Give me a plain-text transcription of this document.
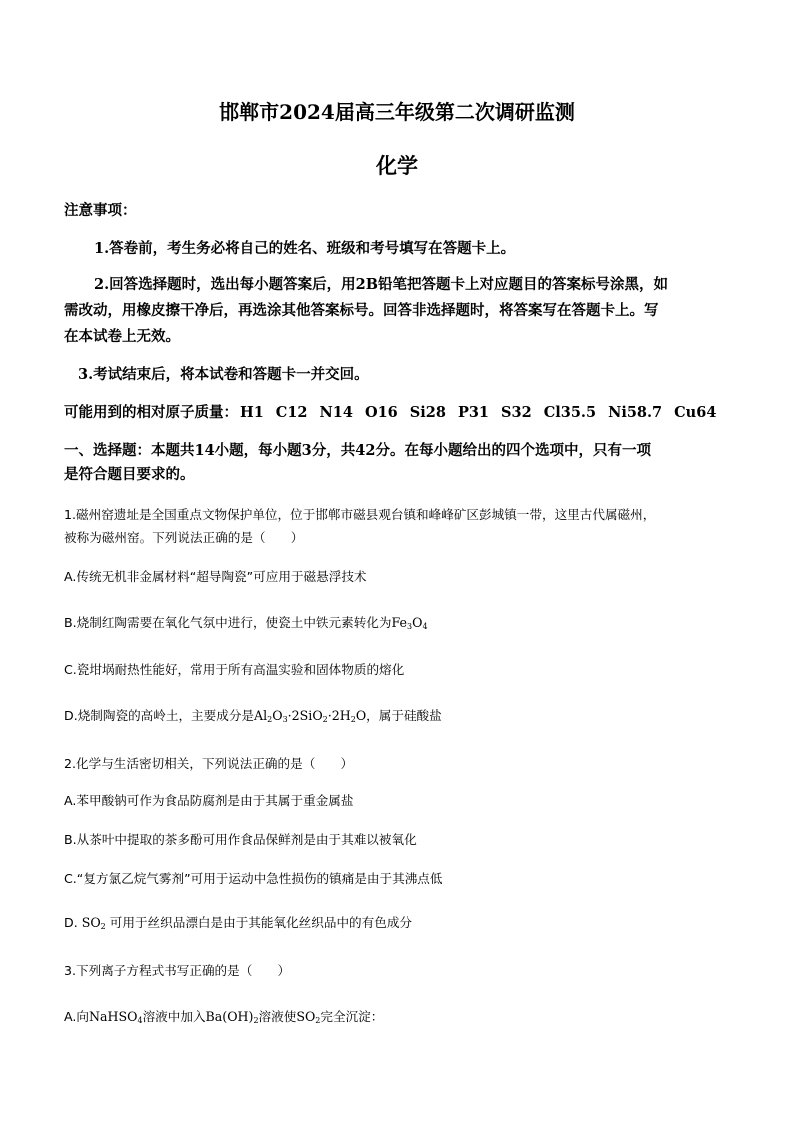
邯郸市2024届高三年级第二次调研监测
化学
注意事项：
1.答卷前，考生务必将自己的姓名、班级和考号填写在答题卡上。
2.回答选择题时，选出每小题答案后，用2B铅笔把答题卡上对应题目的答案标号涂黑，如
需改动，用橡皮擦干净后，再选涂其他答案标号。回答非选择题时，将答案写在答题卡上。写
在本试卷上无效。
3.考试结束后，将本试卷和答题卡一并交回。
可能用到的相对原子质量： H1 C12 N14 O16 Si28 P31 S32 Cl35.5 Ni58.7 Cu64
一、选择题：本题共14小题，每小题3分，共42分。在每小题给出的四个选项中，只有一项
是符合题目要求的。
1.磁州窑遗址是全国重点文物保护单位，位于邯郸市磁县观台镇和峰峰矿区彭城镇一带，这里古代属磁州，
被称为磁州窑。下列说法正确的是（　　）
A.传统无机非金属材料“超导陶瓷”可应用于磁悬浮技术
B.烧制红陶需要在氧化气氛中进行，使瓷土中铁元素转化为$Fe_3O_4$
C.瓷坩埚耐热性能好，常用于所有高温实验和固体物质的熔化
D.烧制陶瓷的高岭土，主要成分是$Al_2O_3\cdot 2SiO_2\cdot 2H_2O$，属于硅酸盐
2.化学与生活密切相关，下列说法正确的是（　　）
A.苯甲酸钠可作为食品防腐剂是由于其属于重金属盐
B.从茶叶中提取的茶多酚可用作食品保鲜剂是由于其难以被氧化
C.“复方氯乙烷气雾剂”可用于运动中急性损伤的镇痛是由于其沸点低
D. $SO_2$ 可用于丝织品漂白是由于其能氧化丝织品中的有色成分
3.下列离子方程式书写正确的是（　　）
A.向NaHSO$_4$溶液中加入$Ba(OH)_2$溶液使$SO_2$完全沉淀：
